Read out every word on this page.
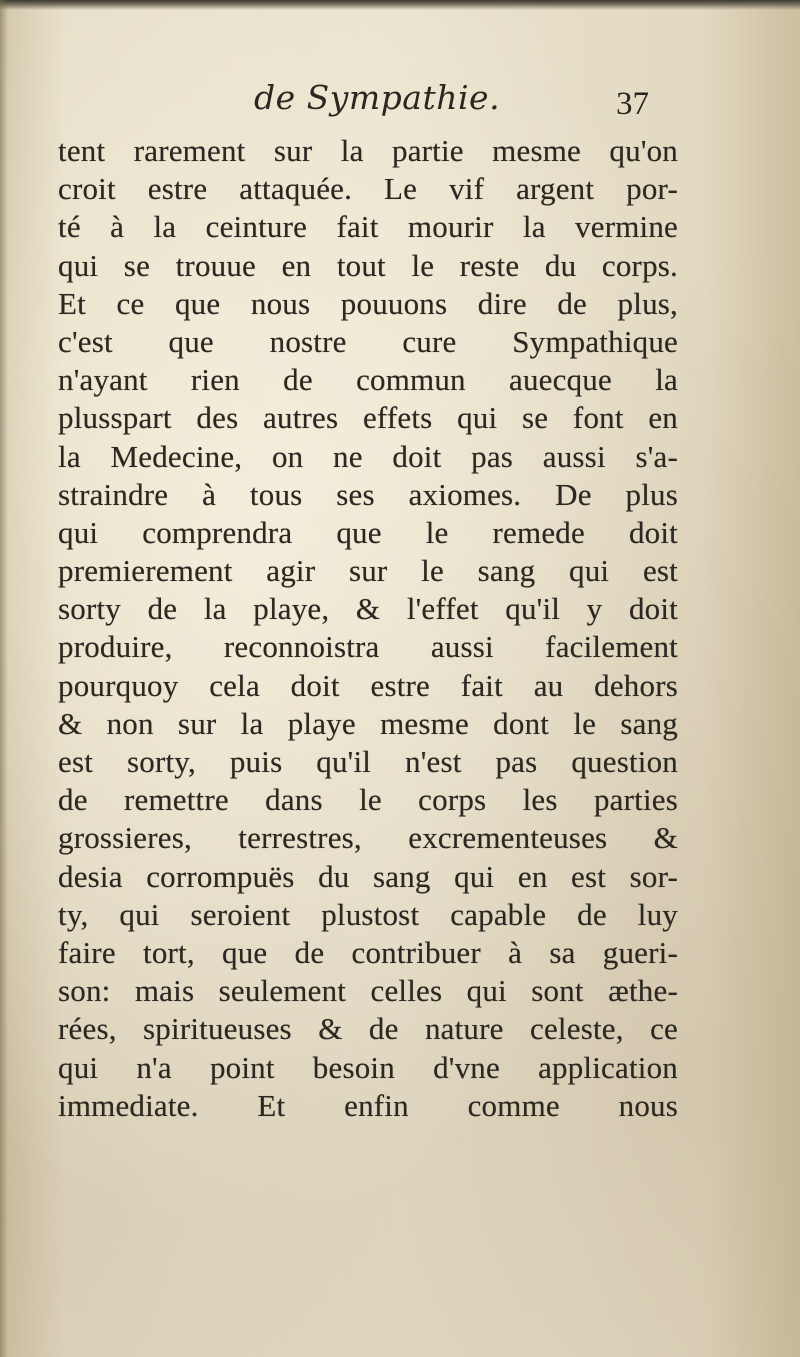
de Sympathie.	37
tent rarement sur la partie mesme qu'on
croit estre attaquée. Le vif argent por-
té à la ceinture fait mourir la vermine
qui se trouue en tout le reste du corps.
Et ce que nous pouuons dire de plus,
c'est que nostre cure Sympathique
n'ayant rien de commun auecque la
plusspart des autres effets qui se font en
la Medecine, on ne doit pas aussi s'a-
straindre à tous ses axiomes. De plus
qui comprendra que le remede doit
premierement agir sur le sang qui est
sorty de la playe, & l'effet qu'il y doit
produire, reconnoistra aussi facilement
pourquoy cela doit estre fait au dehors
& non sur la playe mesme dont le sang
est sorty, puis qu'il n'est pas question
de remettre dans le corps les parties
grossieres, terrestres, excrementeuses &
desia corrompuës du sang qui en est sor-
ty, qui seroient plustost capable de luy
faire tort, que de contribuer à sa gueri-
son: mais seulement celles qui sont æthe-
rées, spiritueuses & de nature celeste, ce
qui n'a point besoin d'vne application
immediate. Et enfin comme nous
